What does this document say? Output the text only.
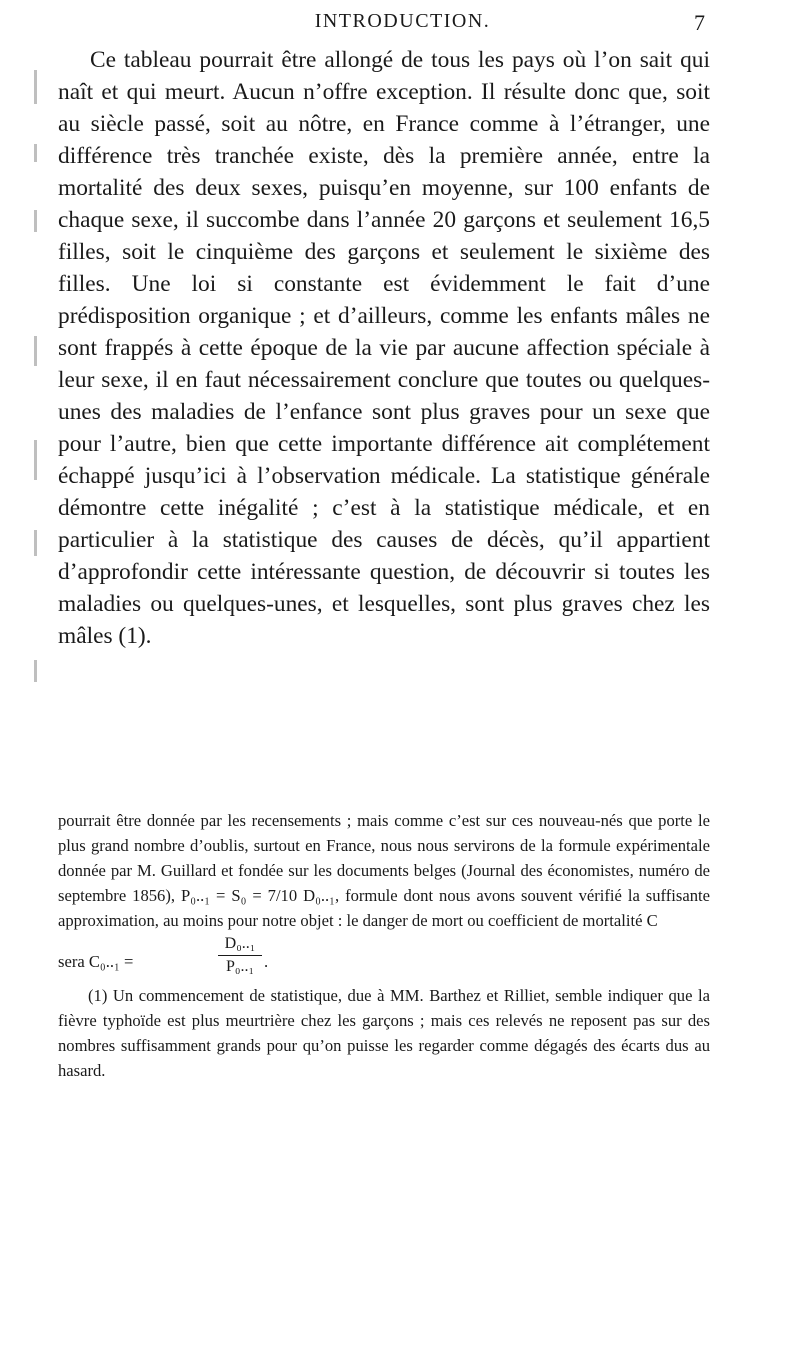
INTRODUCTION.	7

Ce tableau pourrait être allongé de tous les pays où l’on sait qui naît et qui meurt. Aucun n’offre exception. Il résulte donc que, soit au siècle passé, soit au nôtre, en France comme à l’étranger, une différence très tranchée existe, dès la première année, entre la mortalité des deux sexes, puisqu’en moyenne, sur 100 enfants de chaque sexe, il succombe dans l’année 20 garçons et seulement 16,5 filles, soit le cinquième des garçons et seulement le sixième des filles. Une loi si constante est évidemment le fait d’une prédisposition organique ; et d’ailleurs, comme les enfants mâles ne sont frappés à cette époque de la vie par aucune affection spéciale à leur sexe, il en faut nécessairement conclure que toutes ou quelques-unes des maladies de l’enfance sont plus graves pour un sexe que pour l’autre, bien que cette importante différence ait complétement échappé jusqu’ici à l’observation médicale. La statistique générale démontre cette inégalité ; c’est à la statistique médicale, et en particulier à la statistique des causes de décès, qu’il appartient d’approfondir cette intéressante question, de découvrir si toutes les maladies ou quelques-unes, et lesquelles, sont plus graves chez les mâles (1).

pourrait être donnée par les recensements ; mais comme c’est sur ces nouveau-nés que porte le plus grand nombre d’oublis, surtout en France, nous nous servirons de la formule expérimentale donnée par M. Guillard et fondée sur les documents belges (Journal des économistes, numéro de septembre 1856), P₀..₁ = S₀ = 7/10 D₀..₁, formule dont nous avons souvent vérifié la suffisante approximation, au moins pour notre objet : le danger de mort ou coefficient de mortalité C

sera C₀..₁ =	$\frac{\text{D₀..₁}}{\text{P₀..₁}}$ .

(1) Un commencement de statistique, due à MM. Barthez et Rilliet, semble indiquer que la fièvre typhoïde est plus meurtrière chez les garçons ; mais ces relevés ne reposent pas sur des nombres suffisamment grands pour qu’on puisse les regarder comme dégagés des écarts dus au hasard.
